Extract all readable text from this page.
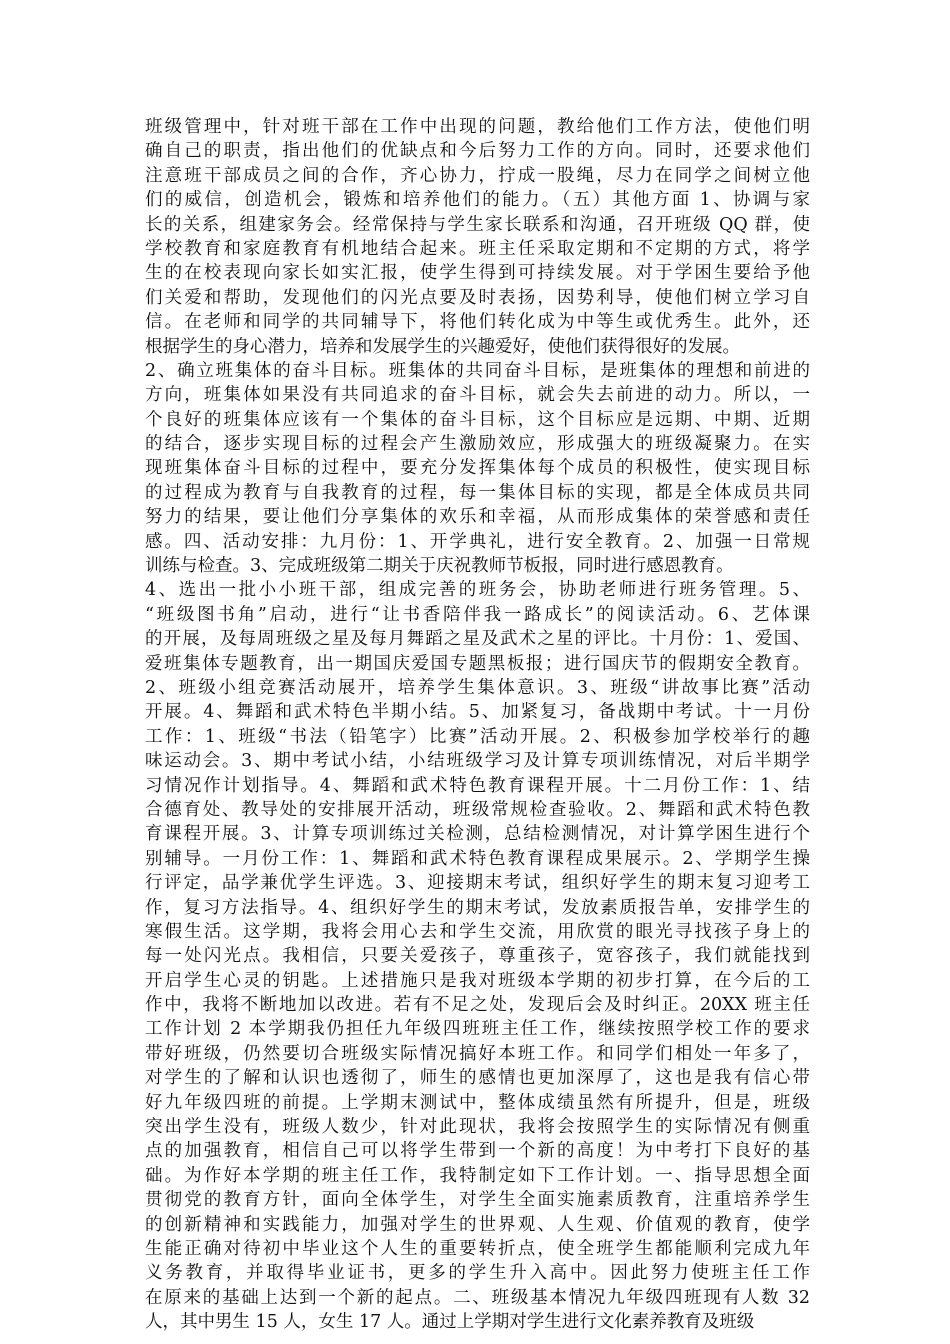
班级管理中，针对班干部在工作中出现的问题，教给他们工作方法，使他们明
确自己的职责，指出他们的优缺点和今后努力工作的方向。同时，还要求他们
注意班干部成员之间的合作，齐心协力，拧成一股绳，尽力在同学之间树立他
们的威信，创造机会，锻炼和培养他们的能力。（五）其他方面 1、协调与家
长的关系，组建家务会。经常保持与学生家长联系和沟通，召开班级 QQ 群，使
学校教育和家庭教育有机地结合起来。班主任采取定期和不定期的方式，将学
生的在校表现向家长如实汇报，使学生得到可持续发展。对于学困生要给予他
们关爱和帮助，发现他们的闪光点要及时表扬，因势利导，使他们树立学习自
信。在老师和同学的共同辅导下，将他们转化成为中等生或优秀生。此外，还
根据学生的身心潜力，培养和发展学生的兴趣爱好，使他们获得很好的发展。
2、确立班集体的奋斗目标。班集体的共同奋斗目标，是班集体的理想和前进的
方向，班集体如果没有共同追求的奋斗目标，就会失去前进的动力。所以，一
个良好的班集体应该有一个集体的奋斗目标，这个目标应是远期、中期、近期
的结合，逐步实现目标的过程会产生激励效应，形成强大的班级凝聚力。在实
现班集体奋斗目标的过程中，要充分发挥集体每个成员的积极性，使实现目标
的过程成为教育与自我教育的过程，每一集体目标的实现，都是全体成员共同
努力的结果，要让他们分享集体的欢乐和幸福，从而形成集体的荣誉感和责任
感。四、活动安排：九月份：1、开学典礼，进行安全教育。2、加强一日常规
训练与检查。3、完成班级第二期关于庆祝教师节板报，同时进行感恩教育。
4、选出一批小小班干部，组成完善的班务会，协助老师进行班务管理。5、
“班级图书角”启动，进行“让书香陪伴我一路成长”的阅读活动。6、艺体课
的开展，及每周班级之星及每月舞蹈之星及武术之星的评比。十月份：1、爱国、
爱班集体专题教育，出一期国庆爱国专题黑板报；进行国庆节的假期安全教育。
2、班级小组竞赛活动展开，培养学生集体意识。3、班级“讲故事比赛”活动
开展。4、舞蹈和武术特色半期小结。5、加紧复习，备战期中考试。十一月份
工作：1、班级“书法（铅笔字）比赛”活动开展。2、积极参加学校举行的趣
味运动会。3、期中考试小结，小结班级学习及计算专项训练情况，对后半期学
习情况作计划指导。4、舞蹈和武术特色教育课程开展。十二月份工作：1、结
合德育处、教导处的安排展开活动，班级常规检查验收。2、舞蹈和武术特色教
育课程开展。3、计算专项训练过关检测，总结检测情况，对计算学困生进行个
别辅导。一月份工作：1、舞蹈和武术特色教育课程成果展示。2、学期学生操
行评定，品学兼优学生评选。3、迎接期末考试，组织好学生的期末复习迎考工
作，复习方法指导。4、组织好学生的期末考试，发放素质报告单，安排学生的
寒假生活。这学期，我将会用心去和学生交流，用欣赏的眼光寻找孩子身上的
每一处闪光点。我相信，只要关爱孩子，尊重孩子，宽容孩子，我们就能找到
开启学生心灵的钥匙。上述措施只是我对班级本学期的初步打算，在今后的工
作中，我将不断地加以改进。若有不足之处，发现后会及时纠正。20XX 班主任
工作计划 2 本学期我仍担任九年级四班班主任工作，继续按照学校工作的要求
带好班级，仍然要切合班级实际情况搞好本班工作。和同学们相处一年多了，
对学生的了解和认识也透彻了，师生的感情也更加深厚了，这也是我有信心带
好九年级四班的前提。上学期末测试中，整体成绩虽然有所提升，但是，班级
突出学生没有，班级人数少，针对此现状，我将会按照学生的实际情况有侧重
点的加强教育，相信自己可以将学生带到一个新的高度！为中考打下良好的基
础。为作好本学期的班主任工作，我特制定如下工作计划。一、指导思想全面
贯彻党的教育方针，面向全体学生，对学生全面实施素质教育，注重培养学生
的创新精神和实践能力，加强对学生的世界观、人生观、价值观的教育，使学
生能正确对待初中毕业这个人生的重要转折点，使全班学生都能顺利完成九年
义务教育，并取得毕业证书，更多的学生升入高中。因此努力使班主任工作
在原来的基础上达到一个新的起点。二、班级基本情况九年级四班现有人数 32
人，其中男生 15 人，女生 17 人。通过上学期对学生进行文化素养教育及班级
